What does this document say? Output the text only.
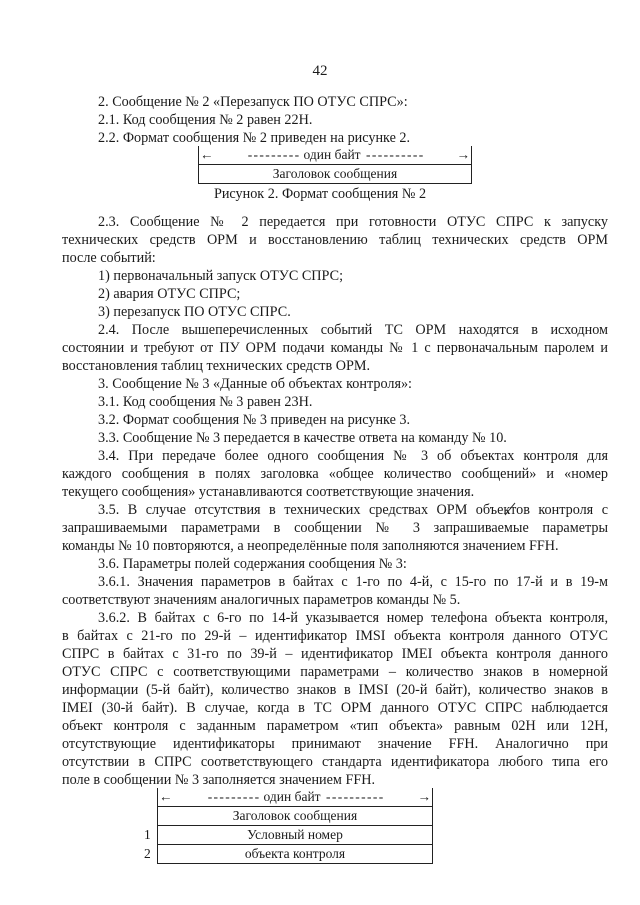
42
2. Сообщение № 2 «Перезапуск ПО ОТУС СПРС»:
2.1. Код сообщения № 2 равен 22Н.
2.2. Формат сообщения № 2 приведен на рисунке 2.
←	- - - - - - - - - один байт - - - - - - - - - -	→
Заголовок сообщения
Рисунок 2. Формат сообщения № 2
2.3. Сообщение № 2 передается при готовности ОТУС СПРС к запуску
технических средств ОРМ и восстановлению таблиц технических средств ОРМ
после событий:
1) первоначальный запуск ОТУС СПРС;
2) авария ОТУС СПРС;
3) перезапуск ПО ОТУС СПРС.
2.4. После вышеперечисленных событий ТС ОРМ находятся в исходном
состоянии и требуют от ПУ ОРМ подачи команды № 1 с первоначальным паролем и
восстановления таблиц технических средств ОРМ.
3. Сообщение № 3 «Данные об объектах контроля»:
3.1. Код сообщения № 3 равен 23Н.
3.2. Формат сообщения № 3 приведен на рисунке 3.
3.3. Сообщение № 3 передается в качестве ответа на команду № 10.
3.4. При передаче более одного сообщения № 3 об объектах контроля для
каждого сообщения в полях заголовка «общее количество сообщений» и «номер
текущего сообщения» устанавливаются соответствующие значения.
3.5. В случае отсутствия в технических средствах ОРМ объектов контроля с
запрашиваемыми параметрами в сообщении № 3 запрашиваемые параметры
команды № 10 повторяются, а неопределённые поля заполняются значением FFH.
3.6. Параметры полей содержания сообщения № 3:
3.6.1. Значения параметров в байтах с 1-го по 4-й, с 15-го по 17-й и в 19-м
соответствуют значениям аналогичных параметров команды № 5.
3.6.2. В байтах с 6-го по 14-й указывается номер телефона объекта контроля,
в байтах с 21-го по 29-й – идентификатор IMSI объекта контроля данного ОТУС
СПРС в байтах с 31-го по 39-й – идентификатор IMEI объекта контроля данного
ОТУС СПРС с соответствующими параметрами – количество знаков в номерной
информации (5-й байт), количество знаков в IMSI (20-й байт), количество знаков в
IMEI (30-й байт). В случае, когда в ТС ОРМ данного ОТУС СПРС наблюдается
объект контроля с заданным параметром «тип объекта» равным 02Н или 12Н,
отсутствующие идентификаторы принимают значение FFH. Аналогично при
отсутствии в СПРС соответствующего стандарта идентификатора любого типа его
поле в сообщении № 3 заполняется значением FFH.
←	- - - - - - - - - один байт - - - - - - - - - -	→
Заголовок сообщения
1	Условный номер
2	объекта контроля
